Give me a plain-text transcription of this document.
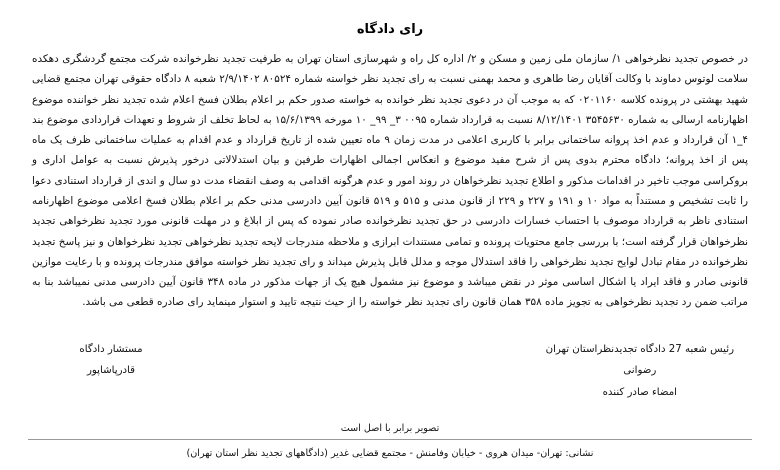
رای دادگاه

در خصوص تجدید نظرخواهی ۱/ سازمان ملی زمین و مسکن و ۲/ اداره کل راه و شهرسازی استان تهران به طرفیت تجدید نظرخوانده شرکت مجتمع گردشگری دهکده سلامت لوتوس دماوند با وکالت آقایان رضا طاهری و محمد بهمنی نسبت به رای تجدید نظر خواسته شماره ۸۰۵۲۴ ۲/۹/۱۴۰۲ شعبه ۸ دادگاه حقوقی تهران مجتمع قضایی شهید بهشتی در پرونده کلاسه ۰۲۰۱۱۶۰ که به موجب آن در دعوی تجدید نظر خوانده به خواسته صدور حکم بر اعلام بطلان فسخ اعلام شده تجدید نظر خواننده موضوع اظهارنامه ارسالی به شماره ۳۵۴۵۶۳۰ ۸/۱۲/۱۴۰۱ نسبت به قرارداد شماره ۰۰۹۵ ۳_ ۹۹_ ۱۰ مورخه ۱۵/۶/۱۳۹۹ به لحاظ تخلف از شروط و تعهدات قراردادی موضوع بند ۴_۱ آن قرارداد و عدم اخذ پروانه ساختمانی برابر با کاربری اعلامی در مدت زمان ۹ ماه تعیین شده از تاریخ قرارداد و عدم اقدام به عملیات ساختمانی ظرف یک ماه پس از اخذ پروانه؛ دادگاه محترم بدوی پس از شرح مفید موضوع و انعکاس اجمالی اظهارات طرفین و بیان استدلالاتی درخور پذیرش نسبت به عوامل اداری و بروکراسی موجب تاخیر در اقدامات مذکور و اطلاع تجدید نظرخواهان در روند امور و عدم هرگونه اقدامی به وصف انقضاء مدت دو سال و اندی از قرارداد استنادی دعوا را ثابت تشخیص و مستنداً به مواد ۱۰ و ۱۹۱ و ۲۲۷ و ۲۲۹ از قانون مدنی و ۵۱۵ و ۵۱۹ قانون آیین دادرسی مدنی حکم بر اعلام بطلان فسخ اعلامی موضوع اظهارنامه استنادی ناظر به قرارداد موصوف با احتساب خسارات دادرسی در حق تجدید نظرخوانده صادر نموده که پس از ابلاغ و در مهلت قانونی مورد تجدید نظرخواهی تجدید نظرخواهان قرار گرفته است؛ با بررسی جامع محتویات پرونده و تمامی مستندات ابرازی و ملاحظه مندرجات لایحه تجدید نظرخواهی تجدید نظرخواهان و نیز پاسخ تجدید نظرخوانده در مقام تبادل لوایح تجدید نظرخواهی را فاقد استدلال موجه و مدلل قابل پذیرش میداند و رای تجدید نظر خواسته موافق مندرجات پرونده و با رعایت موازین قانونی صادر و فاقد ایراد یا اشکال اساسی موثر در نقض میباشد و موضوع نیز مشمول هیچ یک از جهات مذکور در ماده ۳۴۸ قانون آیین دادرسی مدنی نمیباشد بنا به مراتب ضمن رد تجدید نظرخواهی به تجویز ماده ۳۵۸ همان قانون رای تجدید نظر خواسته را از حیث نتیجه تایید و استوار مینماید رای صادره قطعی می باشد.

رئیس شعبه 27 دادگاه تجدیدنظراستان تهران
رضوانی
امضاء صادر کننده
مستشار دادگاه
قادرپاشاپور
تصویر برابر با اصل است
نشانی: تهران- میدان هروی - خیابان وفامنش - مجتمع قضایی غدیر (دادگاههای تجدید نظر استان تهران)
